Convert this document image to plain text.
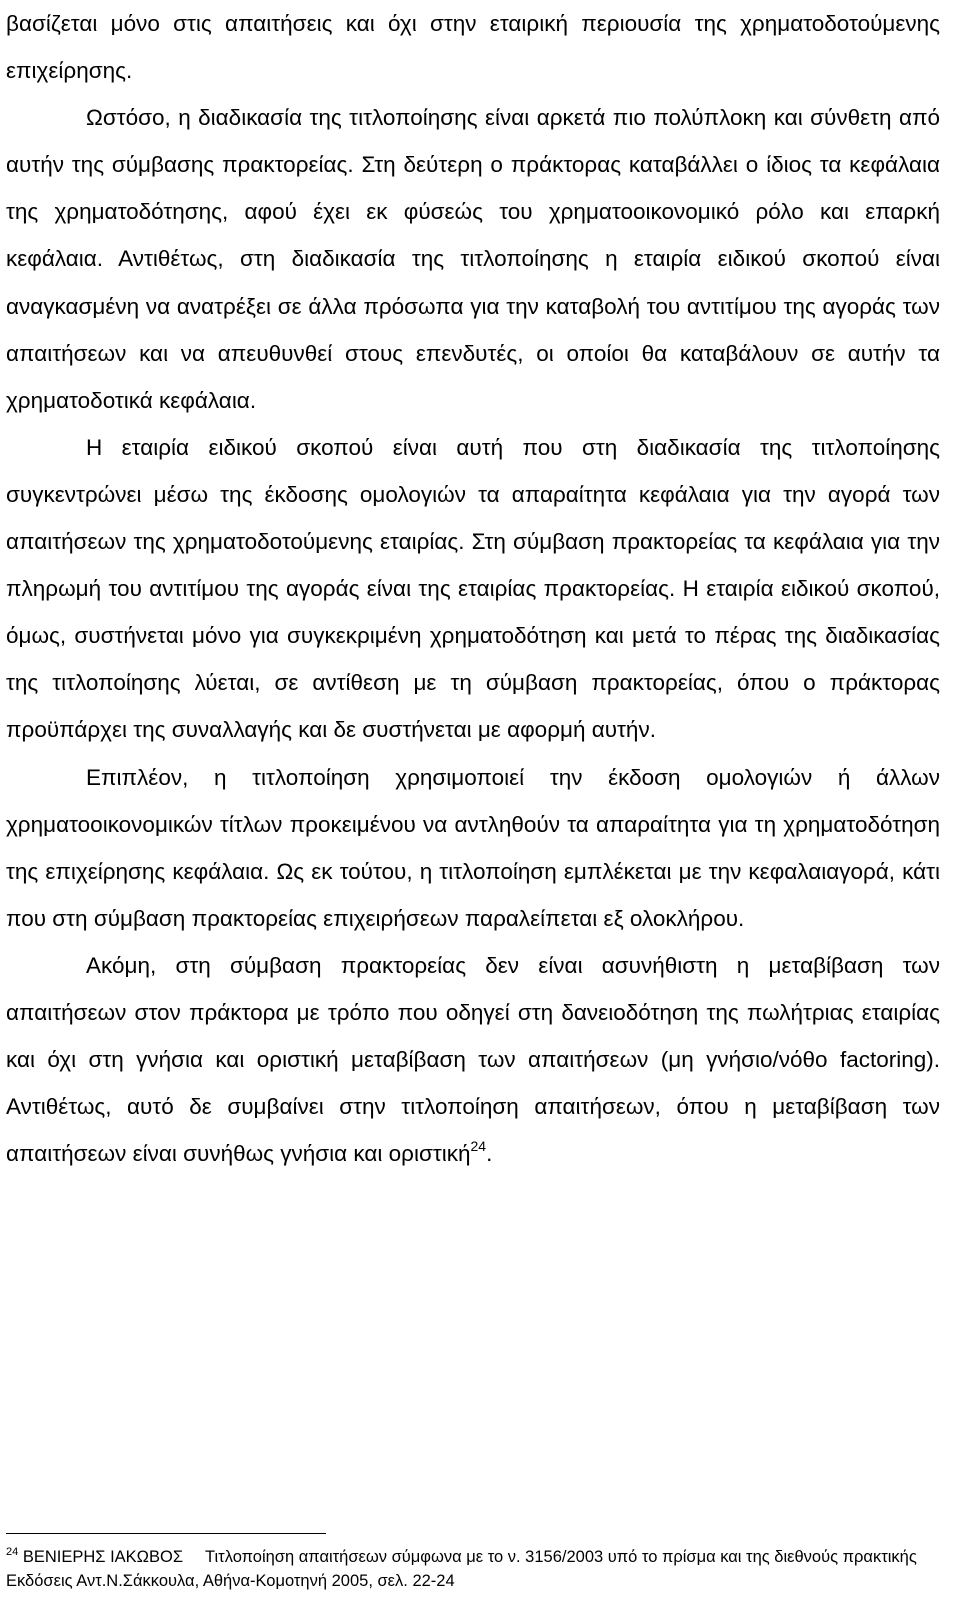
βασίζεται μόνο στις απαιτήσεις και όχι στην εταιρική περιουσία της χρηματοδοτούμενης επιχείρησης.

Ωστόσο, η διαδικασία της τιτλοποίησης είναι αρκετά πιο πολύπλοκη και σύνθετη από αυτήν της σύμβασης πρακτορείας. Στη δεύτερη ο πράκτορας καταβάλλει ο ίδιος τα κεφάλαια της χρηματοδότησης, αφού έχει εκ φύσεώς του χρηματοοικονομικό ρόλο και επαρκή κεφάλαια. Αντιθέτως, στη διαδικασία της τιτλοποίησης η εταιρία ειδικού σκοπού είναι αναγκασμένη να ανατρέξει σε άλλα πρόσωπα για την καταβολή του αντιτίμου της αγοράς των απαιτήσεων και να απευθυνθεί στους επενδυτές, οι οποίοι θα καταβάλουν σε αυτήν τα χρηματοδοτικά κεφάλαια.

Η εταιρία ειδικού σκοπού είναι αυτή που στη διαδικασία της τιτλοποίησης συγκεντρώνει μέσω της έκδοσης ομολογιών τα απαραίτητα κεφάλαια για την αγορά των απαιτήσεων της χρηματοδοτούμενης εταιρίας. Στη σύμβαση πρακτορείας τα κεφάλαια για την πληρωμή του αντιτίμου της αγοράς είναι της εταιρίας πρακτορείας. Η εταιρία ειδικού σκοπού, όμως, συστήνεται μόνο για συγκεκριμένη χρηματοδότηση και μετά το πέρας της διαδικασίας της τιτλοποίησης λύεται, σε αντίθεση με τη σύμβαση πρακτορείας, όπου ο πράκτορας προϋπάρχει της συναλλαγής και δε συστήνεται με αφορμή αυτήν.

Επιπλέον, η τιτλοποίηση χρησιμοποιεί την έκδοση ομολογιών ή άλλων χρηματοοικονομικών τίτλων προκειμένου να αντληθούν τα απαραίτητα για τη χρηματοδότηση της επιχείρησης κεφάλαια. Ως εκ τούτου, η τιτλοποίηση εμπλέκεται με την κεφαλαιαγορά, κάτι που στη σύμβαση πρακτορείας επιχειρήσεων παραλείπεται εξ ολοκλήρου.

Ακόμη, στη σύμβαση πρακτορείας δεν είναι ασυνήθιστη η μεταβίβαση των απαιτήσεων στον πράκτορα με τρόπο που οδηγεί στη δανειοδότηση της πωλήτριας εταιρίας και όχι στη γνήσια και οριστική μεταβίβαση των απαιτήσεων (μη γνήσιο/νόθο factoring). Αντιθέτως, αυτό δε συμβαίνει στην τιτλοποίηση απαιτήσεων, όπου η μεταβίβαση των απαιτήσεων είναι συνήθως γνήσια και οριστική$^{24}$.

$^{24}$ ΒΕΝΙΕΡΗΣ ΙΑΚΩΒΟΣ Τιτλοποίηση απαιτήσεων σύμφωνα με το ν. 3156/2003 υπό το πρίσμα και της διεθνούς πρακτικής Εκδόσεις Αντ.Ν.Σάκκουλα, Αθήνα-Κομοτηνή 2005, σελ. 22-24
